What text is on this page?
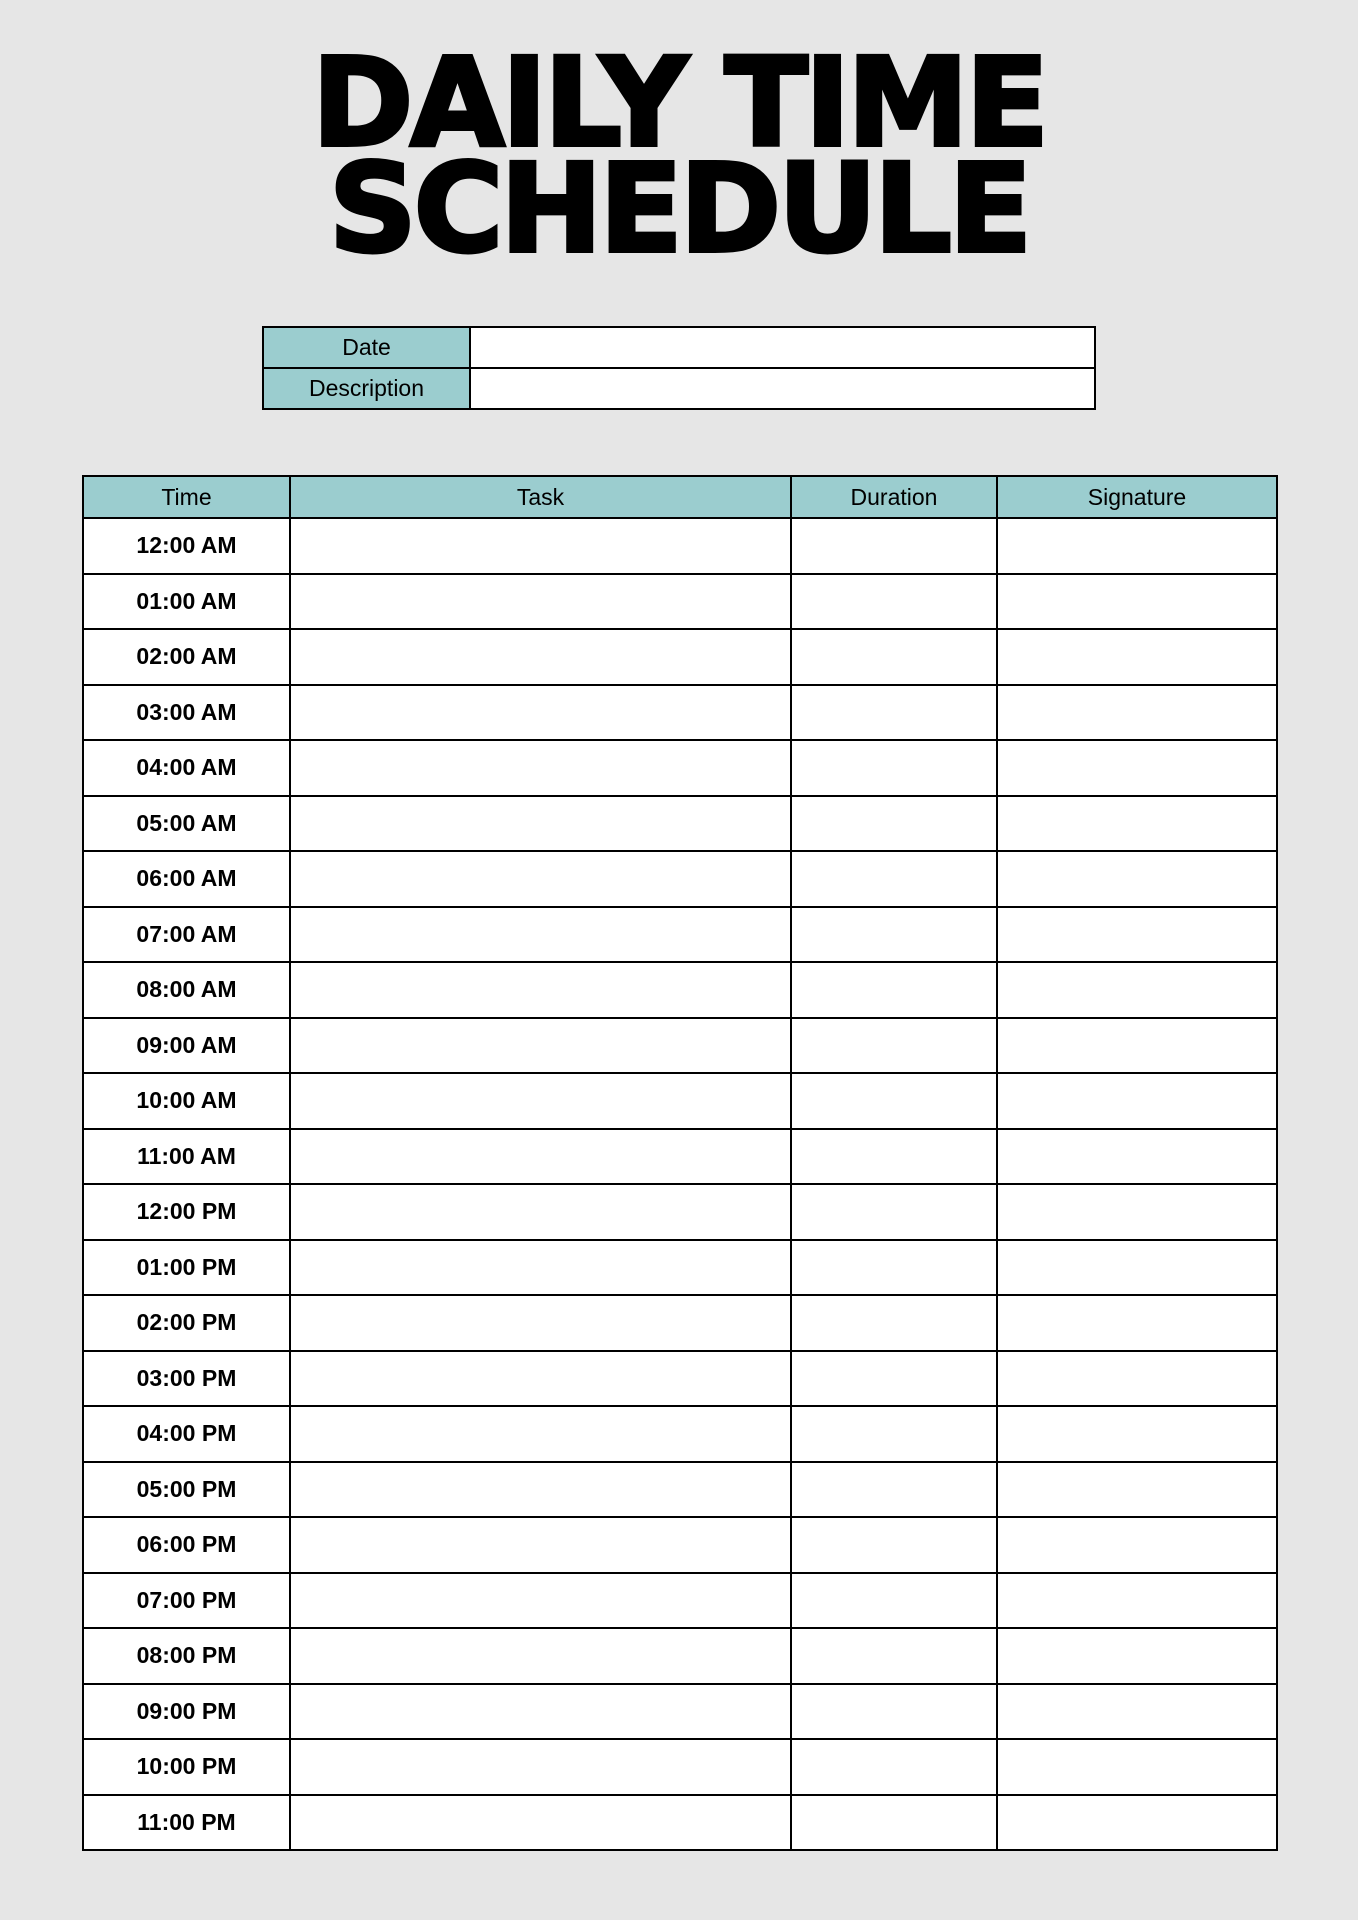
DAILY TIME
SCHEDULE
Date	
Description	
Time	Task	Duration	Signature
12:00 AM			
01:00 AM			
02:00 AM			
03:00 AM			
04:00 AM			
05:00 AM			
06:00 AM			
07:00 AM			
08:00 AM			
09:00 AM			
10:00 AM			
11:00 AM			
12:00 PM			
01:00 PM			
02:00 PM			
03:00 PM			
04:00 PM			
05:00 PM			
06:00 PM			
07:00 PM			
08:00 PM			
09:00 PM			
10:00 PM			
11:00 PM			
